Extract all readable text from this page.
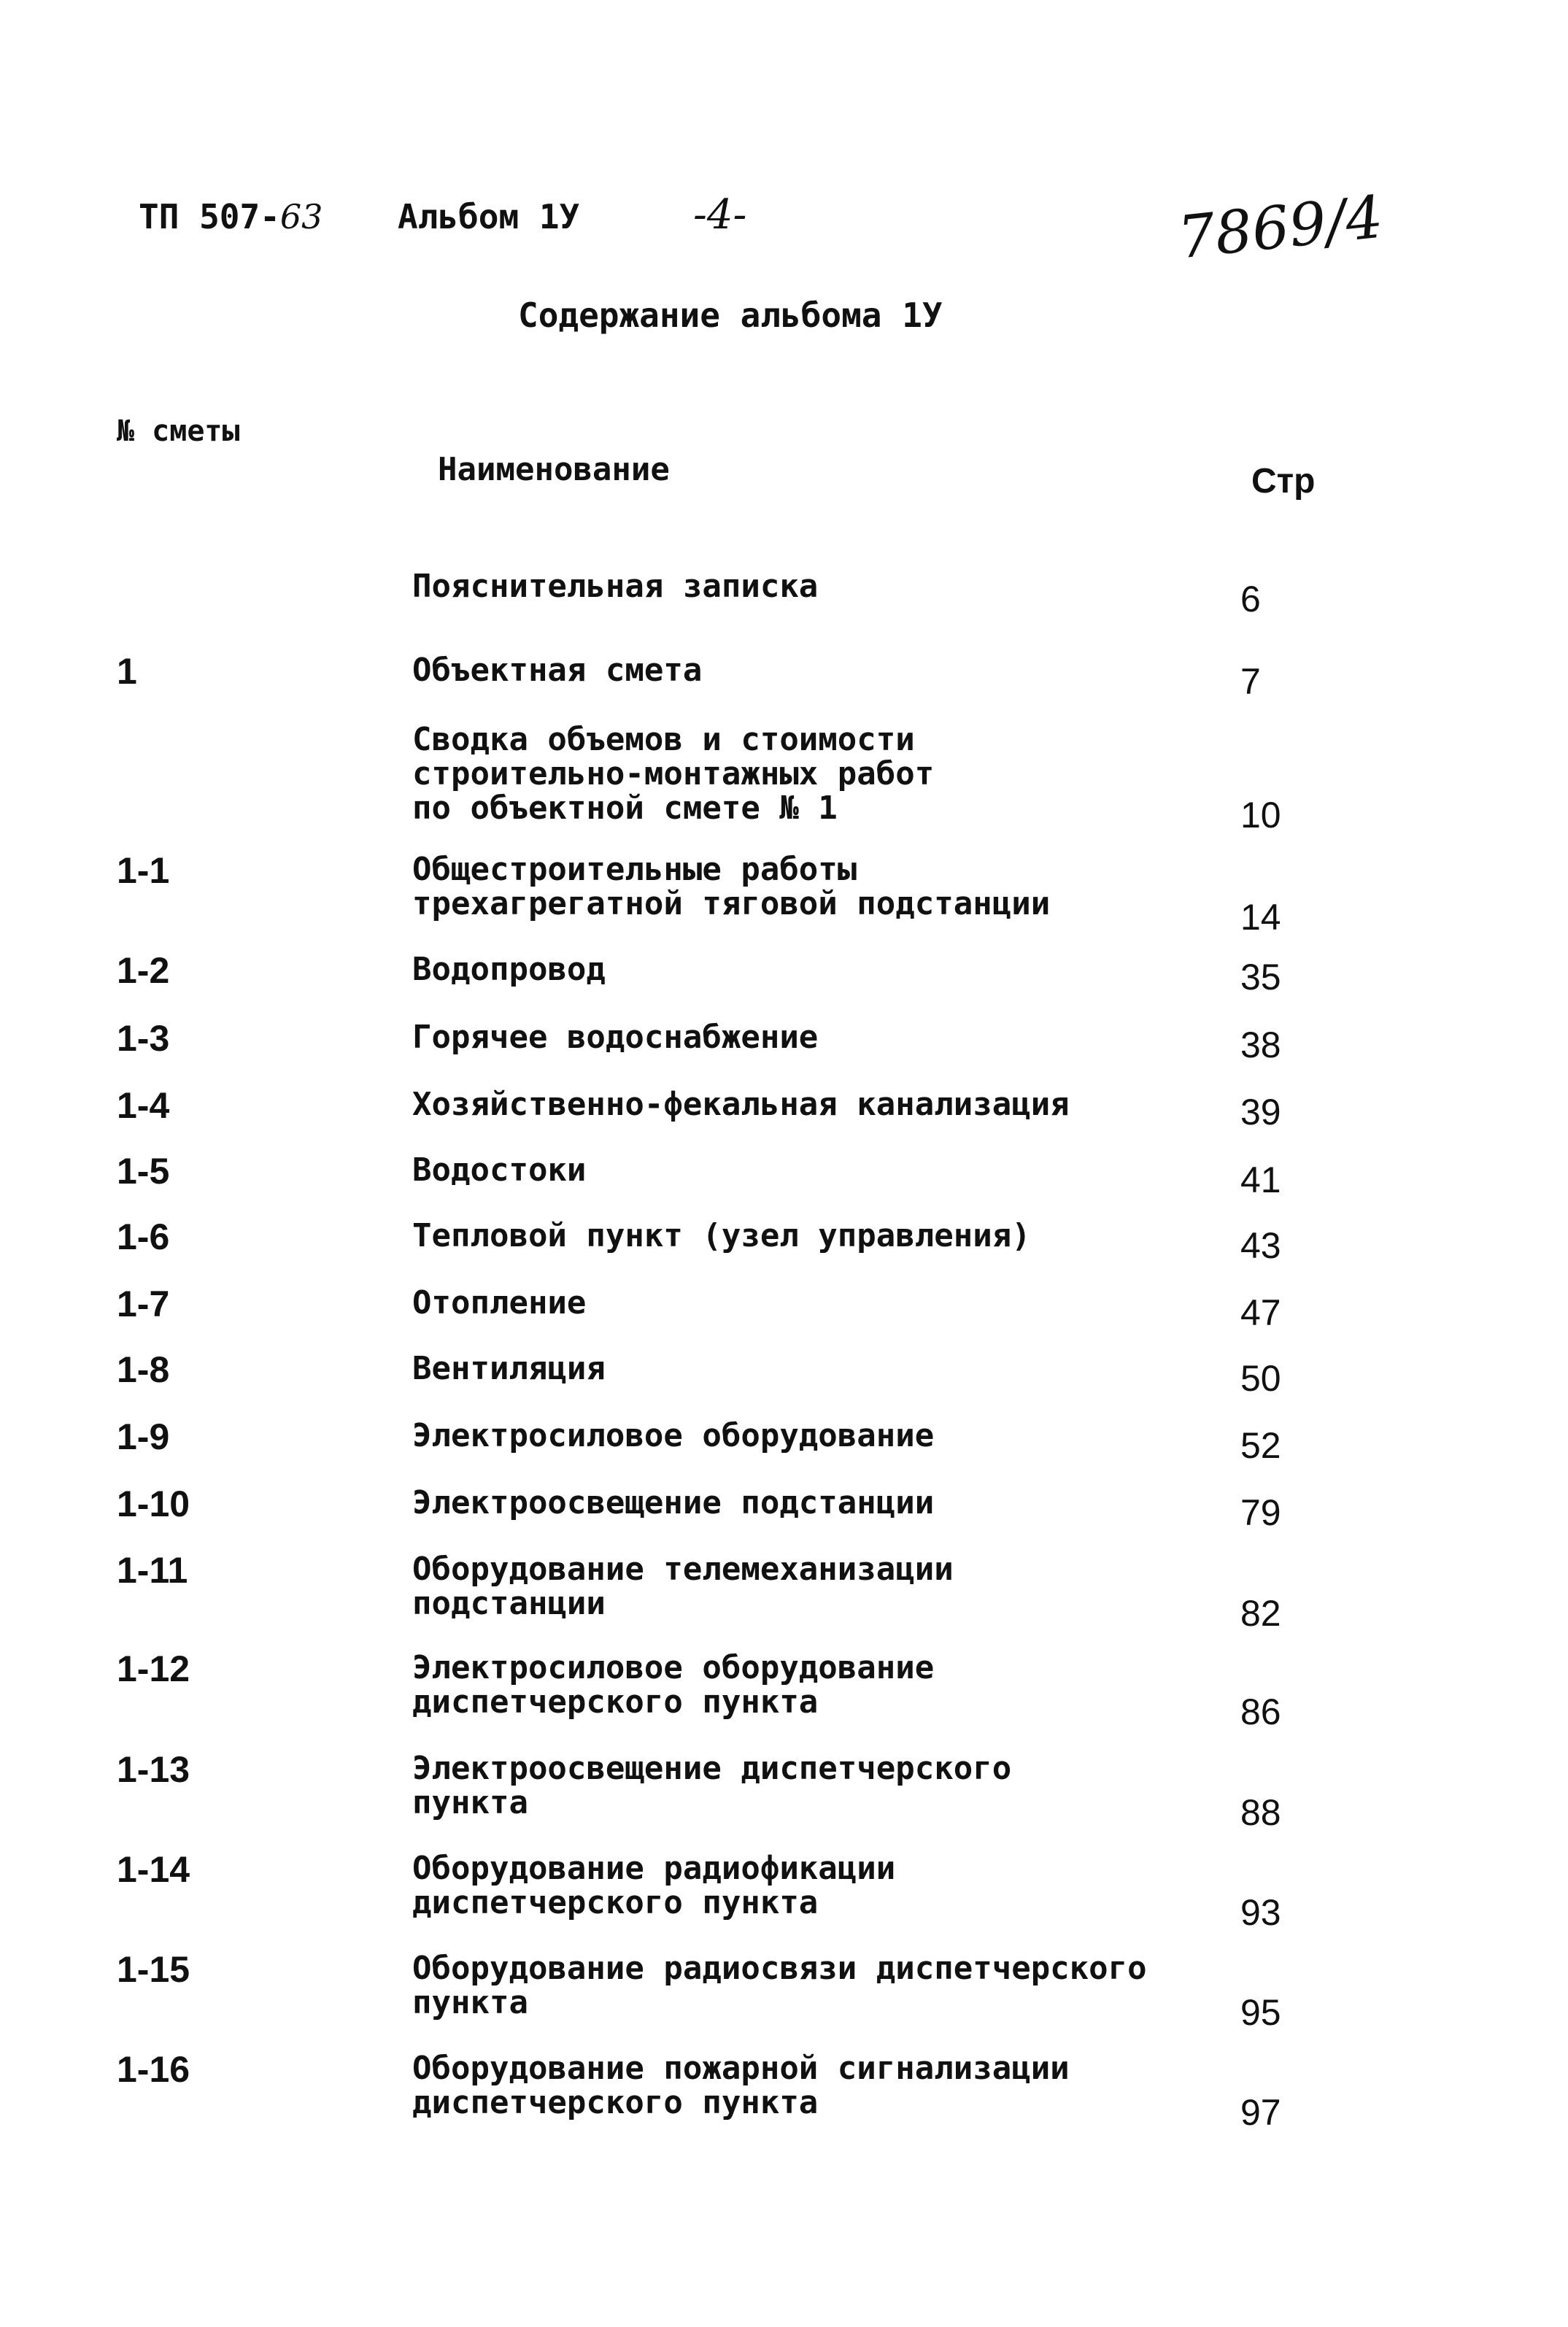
ТП 507-63 Альбом 1У	-4-	7869/4
Содержание альбома 1У
№ сметы
Наименование	Стр
Пояснительная записка	6
1	Объектная смета	7
Сводка объемов и стоимости
строительно-монтажных работ
по объектной смете № 1	10
1-1	Общестроительные работы
трехагрегатной тяговой подстанции	14
1-2	Водопровод	35
1-3	Горячее водоснабжение	38
1-4	Хозяйственно-фекальная канализация	39
1-5	Водостоки	41
1-6	Тепловой пункт (узел управления)	43
1-7	Отопление	47
1-8	Вентиляция	50
1-9	Электросиловое оборудование	52
1-10	Электроосвещение подстанции	79
1-11	Оборудование телемеханизации
подстанции	82
1-12	Электросиловое оборудование
диспетчерского пункта	86
1-13	Электроосвещение диспетчерского
пункта	88
1-14	Оборудование радиофикации
диспетчерского пункта	93
1-15	Оборудование радиосвязи диспетчерского
пункта	95
1-16	Оборудование пожарной сигнализации
диспетчерского пункта	97
